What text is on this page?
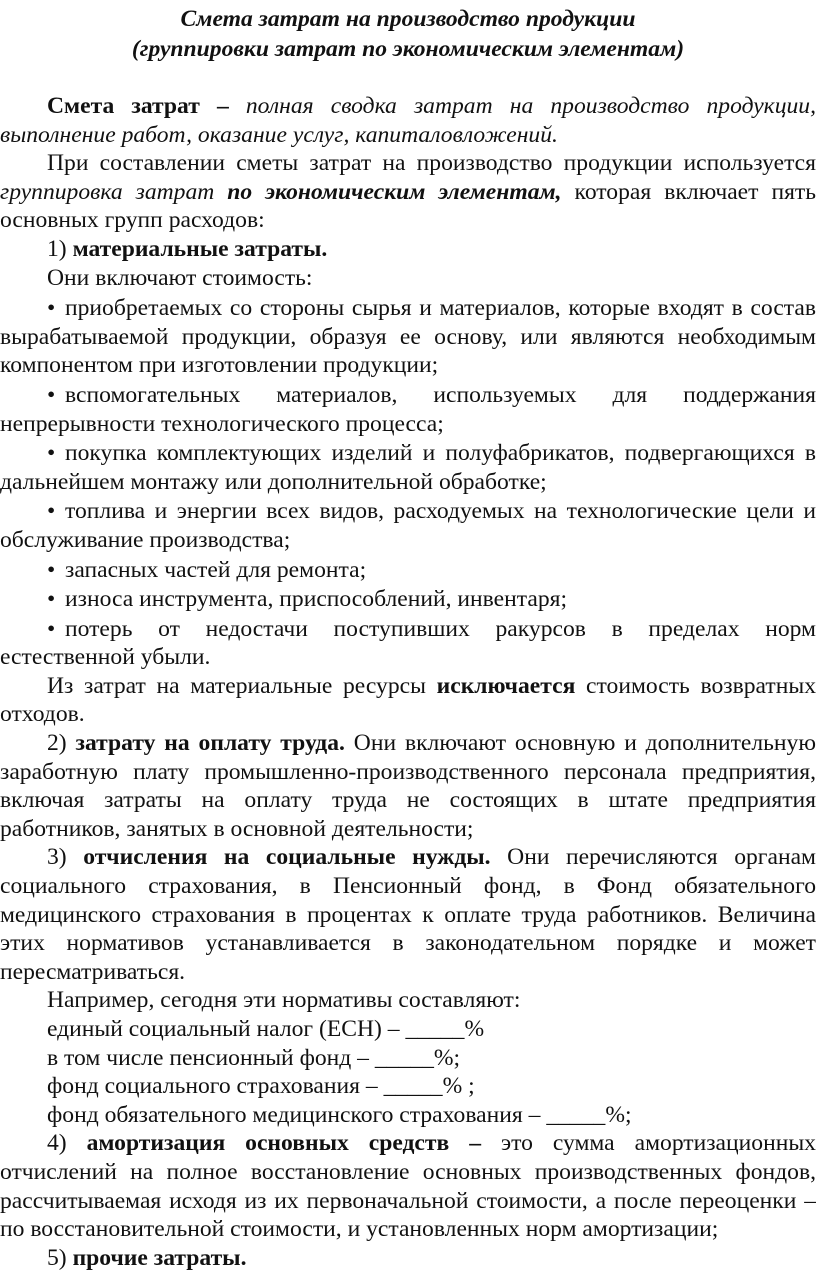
Смета затрат на производство продукции
(группировки затрат по экономическим элементам)

Смета затрат – полная сводка затрат на производство продукции, выполнение работ, оказание услуг, капиталовложений.

При составлении сметы затрат на производство продукции используется группировка затрат по экономическим элементам, которая включает пять основных групп расходов:

1) материальные затраты.

Они включают стоимость:

• приобретаемых со стороны сырья и материалов, которые входят в состав вырабатываемой продукции, образуя ее основу, или являются необходимым компонентом при изготовлении продукции;

• вспомогательных материалов, используемых для поддержания непрерывности технологического процесса;

• покупка комплектующих изделий и полуфабрикатов, подвергающихся в дальнейшем монтажу или дополнительной обработке;

• топлива и энергии всех видов, расходуемых на технологические цели и обслуживание производства;

• запасных частей для ремонта;

• износа инструмента, приспособлений, инвентаря;

• потерь от недостачи поступивших ракурсов в пределах норм естественной убыли.

Из затрат на материальные ресурсы исключается стоимость возвратных отходов.

2) затрату на оплату труда. Они включают основную и дополнительную заработную плату промышленно-производственного персонала предприятия, включая затраты на оплату труда не состоящих в штате предприятия работников, занятых в основной деятельности;

3) отчисления на социальные нужды. Они перечисляются органам социального страхования, в Пенсионный фонд, в Фонд обязательного медицинского страхования в процентах к оплате труда работников. Величина этих нормативов устанавливается в законодательном порядке и может пересматриваться.

Например, сегодня эти нормативы составляют:

единый социальный налог (ЕСН) – _____%

в том числе пенсионный фонд – _____%;

фонд социального страхования – _____% ;

фонд обязательного медицинского страхования – _____%;

4) амортизация основных средств – это сумма амортизационных отчислений на полное восстановление основных производственных фондов, рассчитываемая исходя из их первоначальной стоимости, а после переоценки – по восстановительной стоимости, и установленных норм амортизации;

5) прочие затраты.
